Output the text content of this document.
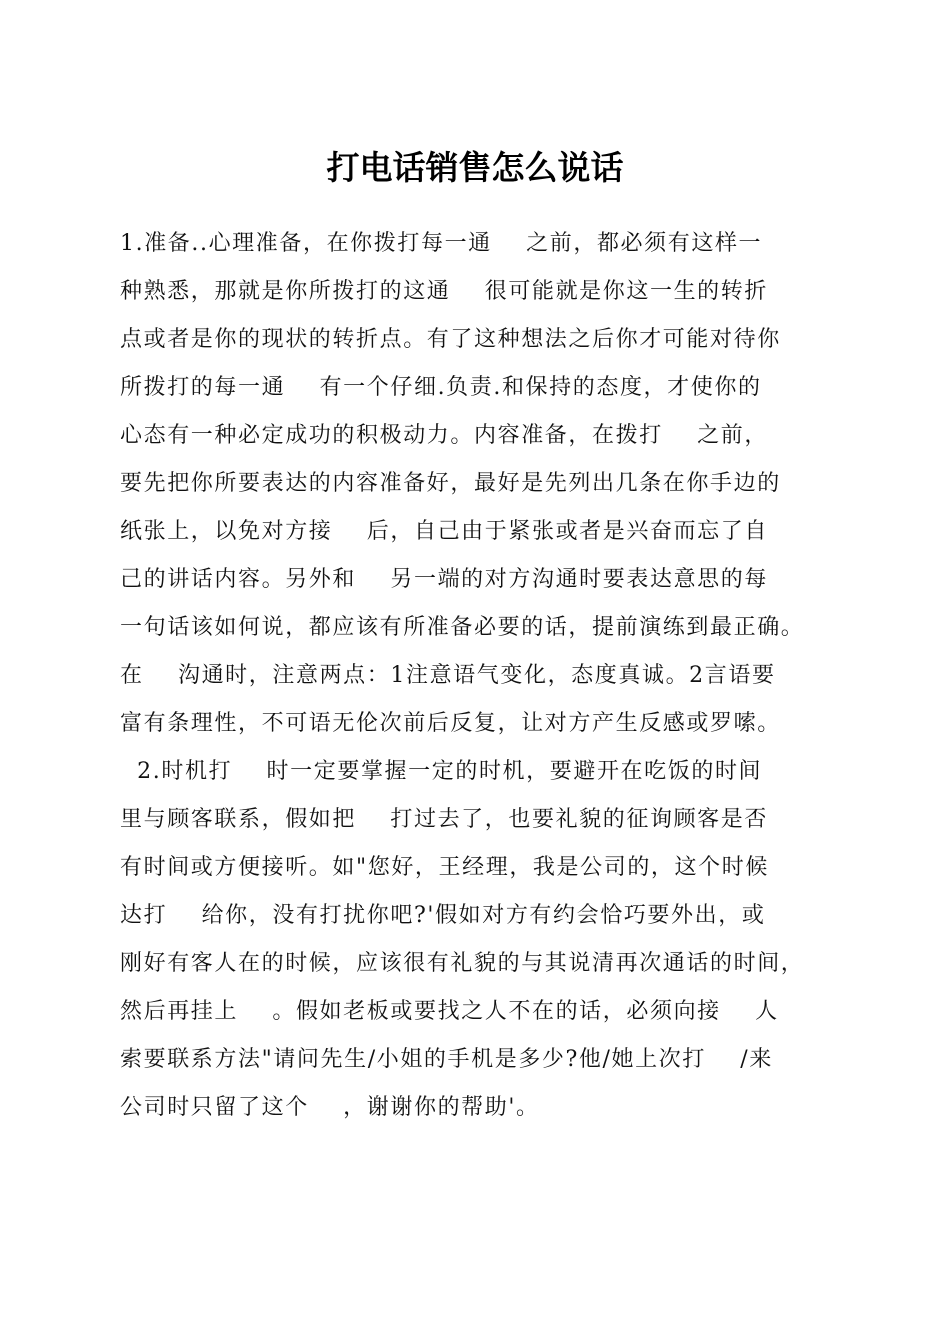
打电话销售怎么说话
1.准备..心理准备，在你拨打每一通    之前，都必须有这样一
种熟悉，那就是你所拨打的这通    很可能就是你这一生的转折
点或者是你的现状的转折点。有了这种想法之后你才可能对待你
所拨打的每一通    有一个仔细.负责.和保持的态度，才使你的
心态有一种必定成功的积极动力。内容准备，在拨打    之前，
要先把你所要表达的内容准备好，最好是先列出几条在你手边的
纸张上，以免对方接    后，自己由于紧张或者是兴奋而忘了自
己的讲话内容。另外和    另一端的对方沟通时要表达意思的每
一句话该如何说，都应该有所准备必要的话，提前演练到最正确。
在    沟通时，注意两点：1注意语气变化，态度真诚。2言语要
富有条理性，不可语无伦次前后反复，让对方产生反感或罗嗦。
2.时机打    时一定要掌握一定的时机，要避开在吃饭的时间
里与顾客联系，假如把    打过去了，也要礼貌的征询顾客是否
有时间或方便接听。如"您好，王经理，我是公司的，这个时候
达打    给你，没有打扰你吧?'假如对方有约会恰巧要外出，或
刚好有客人在的时候，应该很有礼貌的与其说清再次通话的时间，
然后再挂上    。假如老板或要找之人不在的话，必须向接    人
索要联系方法"请问先生/小姐的手机是多少?他/她上次打    /来
公司时只留了这个    ，谢谢你的帮助'。
